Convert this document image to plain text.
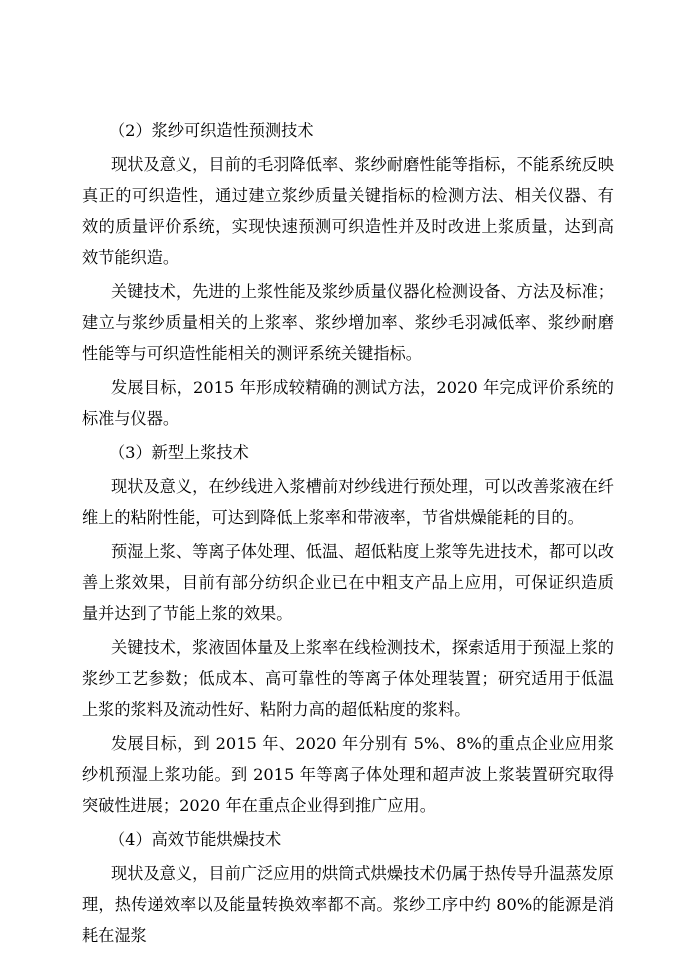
（2）浆纱可织造性预测技术

现状及意义，目前的毛羽降低率、浆纱耐磨性能等指标，不能系统反映真正的可织造性，通过建立浆纱质量关键指标的检测方法、相关仪器、有效的质量评价系统，实现快速预测可织造性并及时改进上浆质量，达到高效节能织造。

关键技术，先进的上浆性能及浆纱质量仪器化检测设备、方法及标准；建立与浆纱质量相关的上浆率、浆纱增加率、浆纱毛羽减低率、浆纱耐磨性能等与可织造性能相关的测评系统关键指标。

发展目标，2015 年形成较精确的测试方法，2020 年完成评价系统的标准与仪器。

（3）新型上浆技术

现状及意义，在纱线进入浆槽前对纱线进行预处理，可以改善浆液在纤维上的粘附性能，可达到降低上浆率和带液率，节省烘燥能耗的目的。

预湿上浆、等离子体处理、低温、超低粘度上浆等先进技术，都可以改善上浆效果，目前有部分纺织企业已在中粗支产品上应用，可保证织造质量并达到了节能上浆的效果。

关键技术，浆液固体量及上浆率在线检测技术，探索适用于预湿上浆的浆纱工艺参数；低成本、高可靠性的等离子体处理装置；研究适用于低温上浆的浆料及流动性好、粘附力高的超低粘度的浆料。

发展目标，到 2015 年、2020 年分别有 5%、8%的重点企业应用浆纱机预湿上浆功能。到 2015 年等离子体处理和超声波上浆装置研究取得突破性进展；2020 年在重点企业得到推广应用。

（4）高效节能烘燥技术

现状及意义，目前广泛应用的烘筒式烘燥技术仍属于热传导升温蒸发原理，热传递效率以及能量转换效率都不高。浆纱工序中约 80%的能源是消耗在湿浆
